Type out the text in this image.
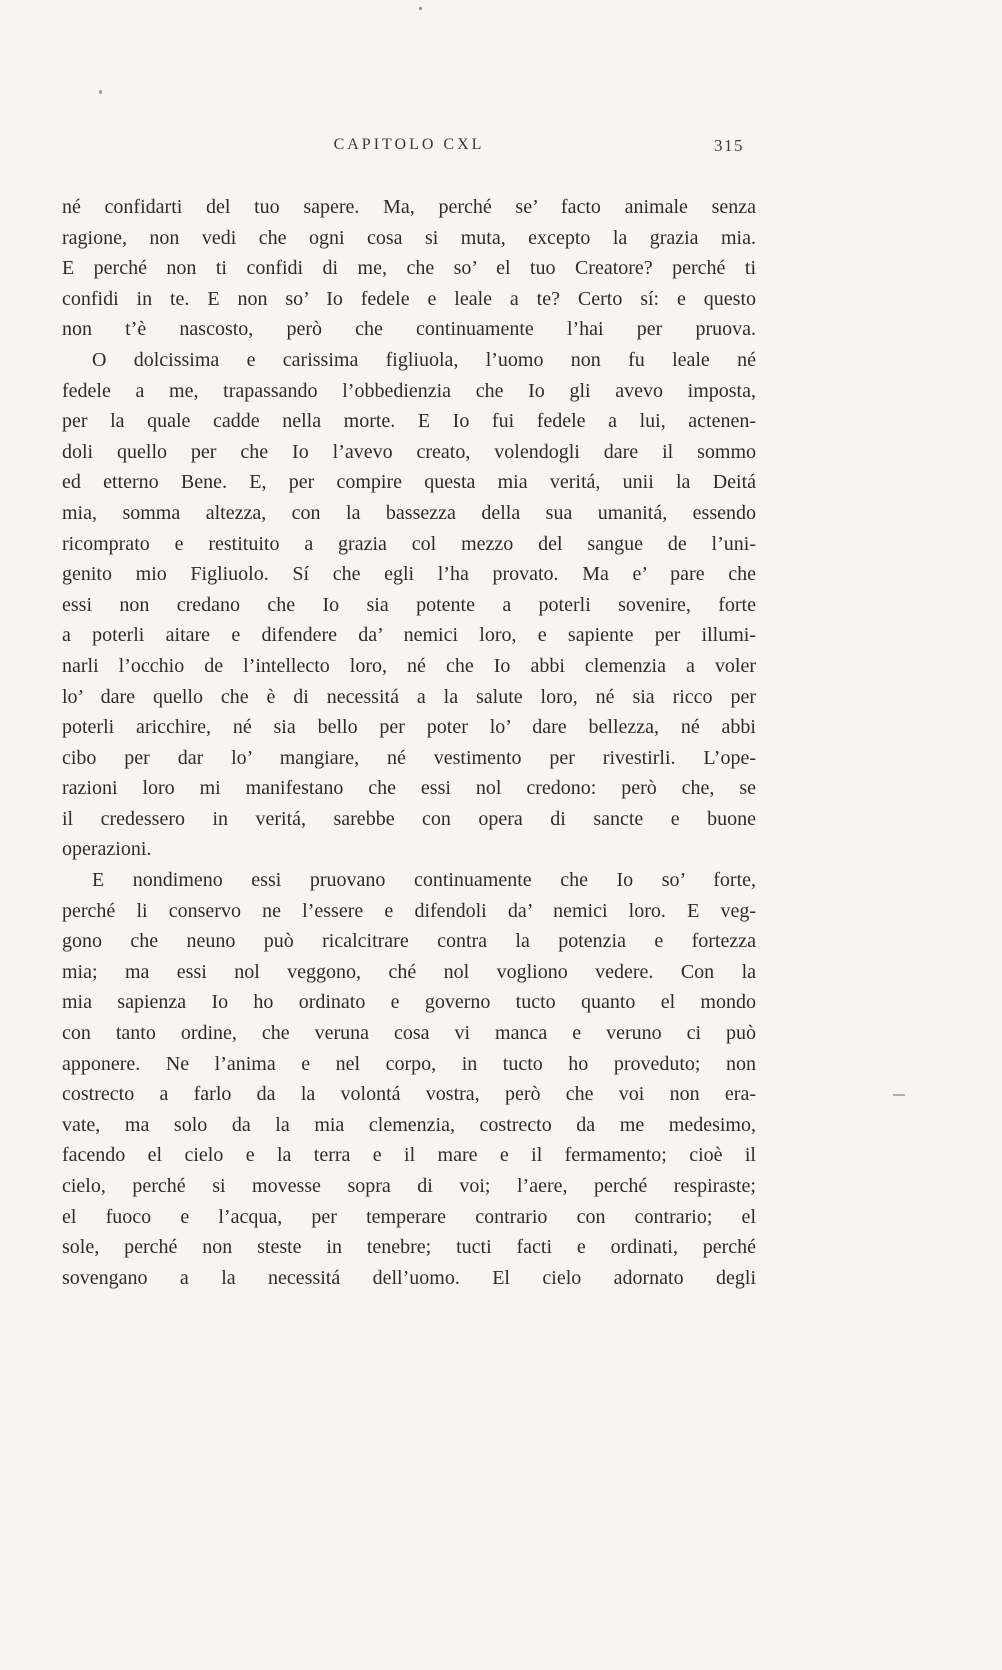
CAPITOLO CXL	315

né confidarti del tuo sapere. Ma, perché se’ facto animale senza
ragione, non vedi che ogni cosa si muta, excepto la grazia mia.
E perché non ti confidi di me, che so’ el tuo Creatore? perché ti
confidi in te. E non so’ Io fedele e leale a te? Certo sí: e questo
non t’è nascosto, però che continuamente l’hai per pruova.

O dolcissima e carissima figliuola, l’uomo non fu leale né
fedele a me, trapassando l’obbedienzia che Io gli avevo imposta,
per la quale cadde nella morte. E Io fui fedele a lui, actenen-
doli quello per che Io l’avevo creato, volendogli dare il sommo
ed etterno Bene. E, per compire questa mia veritá, unii la Deitá
mia, somma altezza, con la bassezza della sua umanitá, essendo
ricomprato e restituito a grazia col mezzo del sangue de l’uni-
genito mio Figliuolo. Sí che egli l’ha provato. Ma e’ pare che
essi non credano che Io sia potente a poterli sovenire, forte
a poterli aitare e difendere da’ nemici loro, e sapiente per illumi-
narli l’occhio de l’intellecto loro, né che Io abbi clemenzia a voler
lo’ dare quello che è di necessitá a la salute loro, né sia ricco per
poterli aricchire, né sia bello per poter lo’ dare bellezza, né abbi
cibo per dar lo’ mangiare, né vestimento per rivestirli. L’ope-
razioni loro mi manifestano che essi nol credono: però che, se
il credessero in veritá, sarebbe con opera di sancte e buone
operazioni.

E nondimeno essi pruovano continuamente che Io so’ forte,
perché li conservo ne l’essere e difendoli da’ nemici loro. E veg-
gono che neuno può ricalcitrare contra la potenzia e fortezza
mia; ma essi nol veggono, ché nol vogliono vedere. Con la
mia sapienza Io ho ordinato e governo tucto quanto el mondo
con tanto ordine, che veruna cosa vi manca e veruno ci può
apponere. Ne l’anima e nel corpo, in tucto ho proveduto; non
costrecto a farlo da la volontá vostra, però che voi non era-
vate, ma solo da la mia clemenzia, costrecto da me medesimo,
facendo el cielo e la terra e il mare e il fermamento; cioè il
cielo, perché si movesse sopra di voi; l’aere, perché respiraste;
el fuoco e l’acqua, per temperare contrario con contrario; el
sole, perché non steste in tenebre; tucti facti e ordinati, perché
sovengano a la necessitá dell’uomo. El cielo adornato degli
